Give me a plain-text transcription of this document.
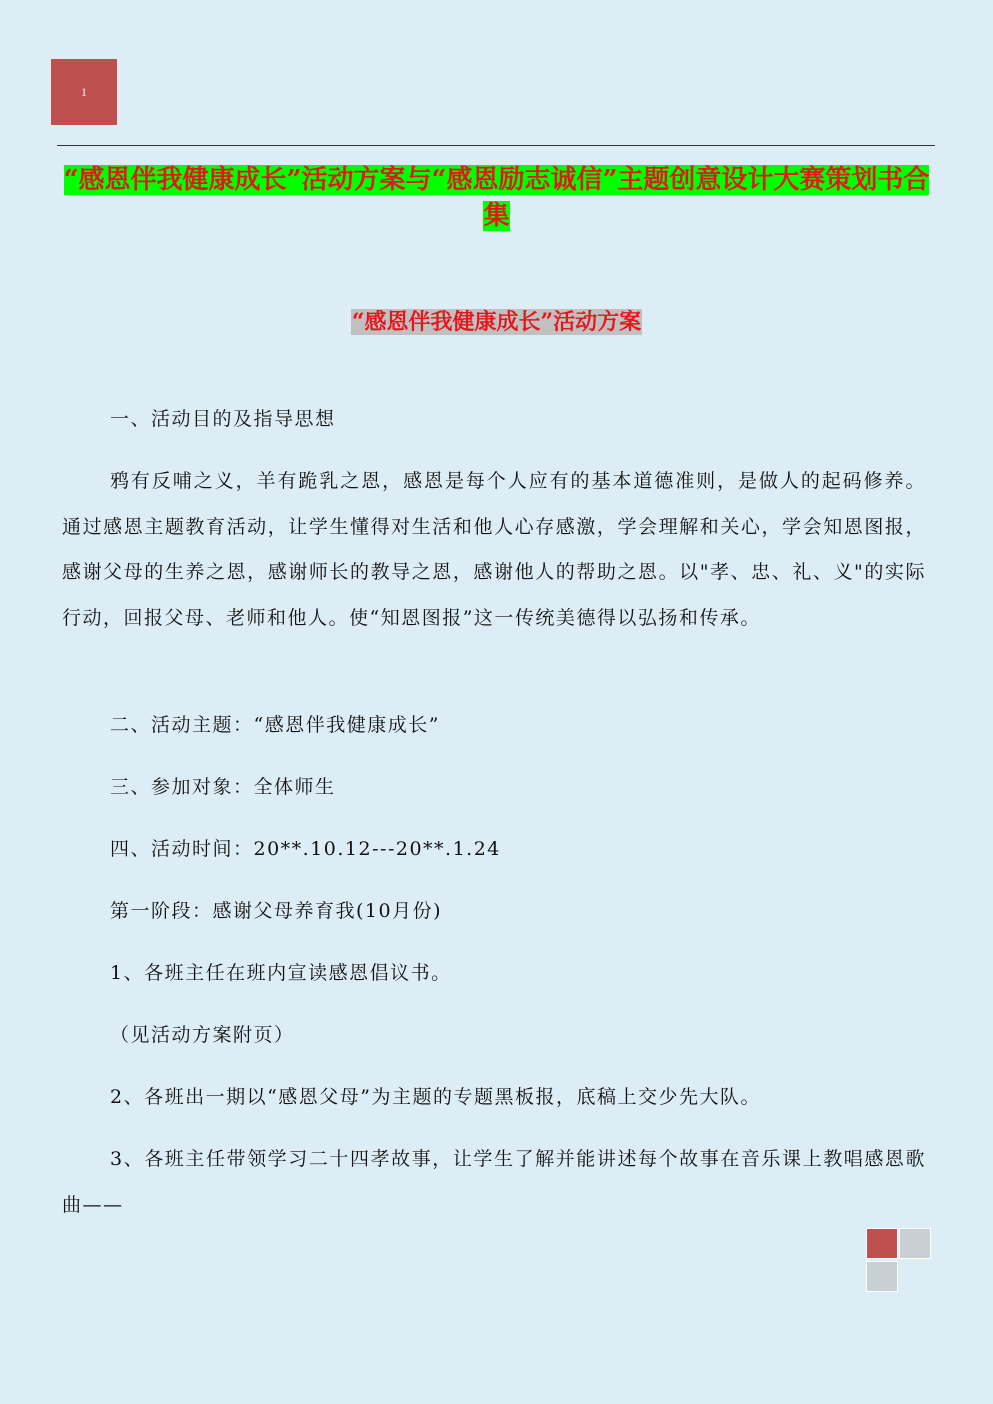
1
“感恩伴我健康成长”活动方案与“感恩励志诚信”主题创意设计大赛策划书合集
“感恩伴我健康成长”活动方案

一、活动目的及指导思想

鸦有反哺之义，羊有跪乳之恩，感恩是每个人应有的基本道德准则，是做人的起码修养。通过感恩主题教育活动，让学生懂得对生活和他人心存感激，学会理解和关心，学会知恩图报，感谢父母的生养之恩，感谢师长的教导之恩，感谢他人的帮助之恩。以"孝、忠、礼、义"的实际行动，回报父母、老师和他人。使“知恩图报”这一传统美德得以弘扬和传承。

二、活动主题：“感恩伴我健康成长”

三、参加对象：全体师生

四、活动时间：20**.10.12---20**.1.24

第一阶段：感谢父母养育我(10月份)

1、各班主任在班内宣读感恩倡议书。

（见活动方案附页）

2、各班出一期以“感恩父母”为主题的专题黑板报，底稿上交少先大队。

3、各班主任带领学习二十四孝故事，让学生了解并能讲述每个故事在音乐课上教唱感恩歌曲——
